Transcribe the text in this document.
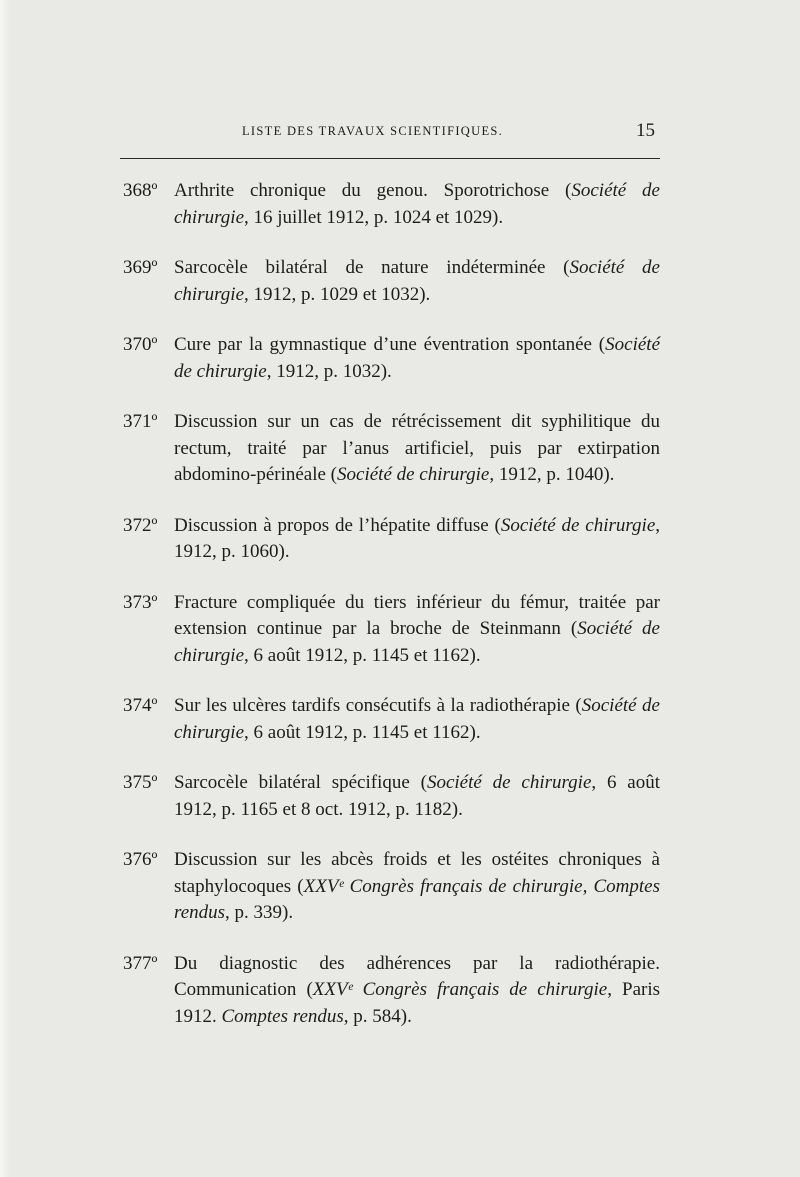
LISTE DES TRAVAUX SCIENTIFIQUES.	15
368º Arthrite chronique du genou. Sporotrichose (Société de chirurgie, 16 juillet 1912, p. 1024 et 1029).
369º Sarcocèle bilatéral de nature indéterminée (Société de chirurgie, 1912, p. 1029 et 1032).
370º Cure par la gymnastique d’une éventration spontanée (Société de chirurgie, 1912, p. 1032).
371º Discussion sur un cas de rétrécissement dit syphilitique du rectum, traité par l’anus artificiel, puis par extirpation abdomino-périnéale (Société de chirurgie, 1912, p. 1040).
372º Discussion à propos de l’hépatite diffuse (Société de chirurgie, 1912, p. 1060).
373º Fracture compliquée du tiers inférieur du fémur, traitée par extension continue par la broche de Steinmann (Société de chirurgie, 6 août 1912, p. 1145 et 1162).
374º Sur les ulcères tardifs consécutifs à la radiothérapie (Société de chirurgie, 6 août 1912, p. 1145 et 1162).
375º Sarcocèle bilatéral spécifique (Société de chirurgie, 6 août 1912, p. 1165 et 8 oct. 1912, p. 1182).
376º Discussion sur les abcès froids et les ostéites chroniques à staphylocoques (XXVᵉ Congrès français de chirurgie, Comptes rendus, p. 339).
377º Du diagnostic des adhérences par la radiothérapie. Communication (XXVᵉ Congrès français de chirurgie, Paris 1912. Comptes rendus, p. 584).
